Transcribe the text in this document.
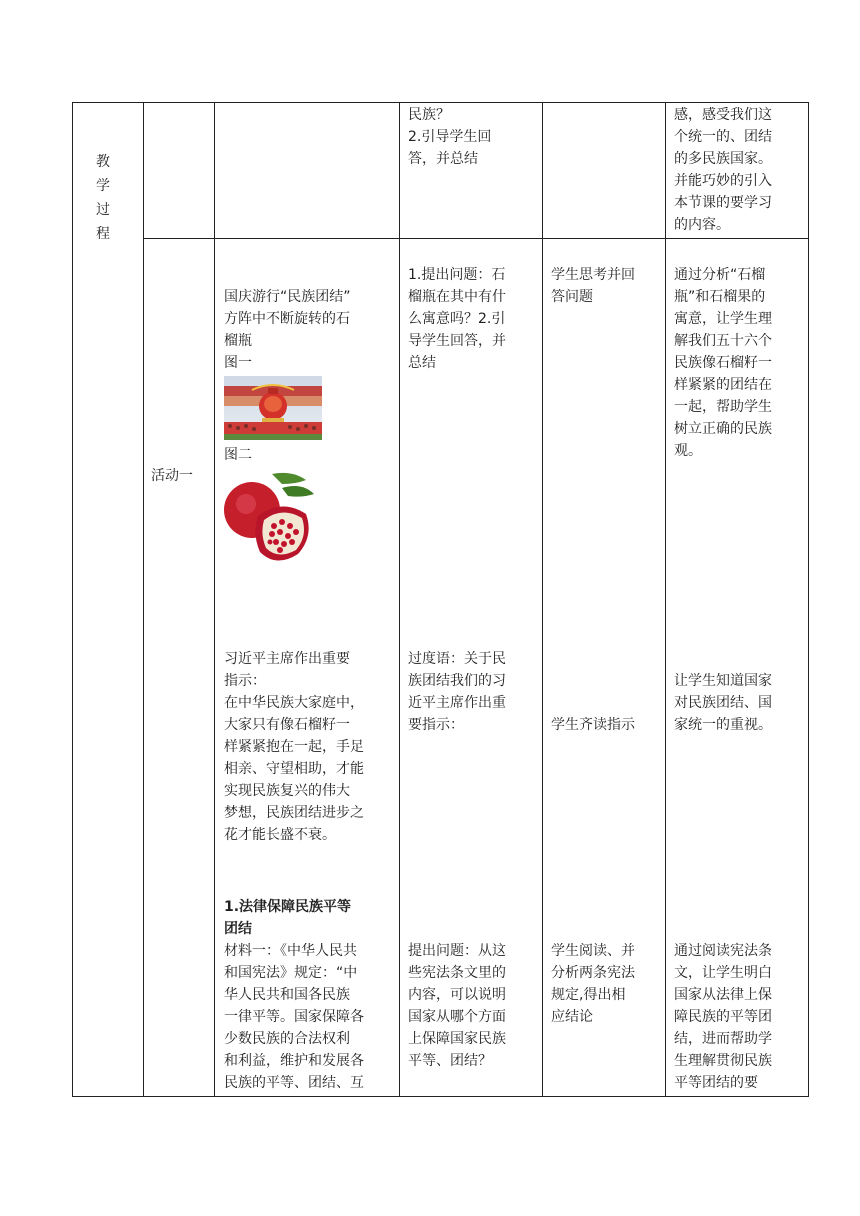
教
学
过
程
民族？
2.引导学生回
答，并总结
感，感受我们这
个统一的、团结
的多民族国家。
并能巧妙的引入
本节课的要学习
的内容。
活动一
国庆游行“民族团结”
方阵中不断旋转的石
榴瓶
图一
图二
1.提出问题：石
榴瓶在其中有什
么寓意吗？2.引
导学生回答，并
总结
学生思考并回
答问题
通过分析“石榴
瓶”和石榴果的
寓意，让学生理
解我们五十六个
民族像石榴籽一
样紧紧的团结在
一起，帮助学生
树立正确的民族
观。
习近平主席作出重要
指示：
在中华民族大家庭中，
大家只有像石榴籽一
样紧紧抱在一起，手足
相亲、守望相助，才能
实现民族复兴的伟大
梦想，民族团结进步之
花才能长盛不衰。
过度语：关于民
族团结我们的习
近平主席作出重
要指示：	学生齐读指示
让学生知道国家
对民族团结、国
家统一的重视。
1.法律保障民族平等
团结
材料一：《中华人民共
和国宪法》规定：“中
华人民共和国各民族
一律平等。国家保障各
少数民族的合法权利
和利益，维护和发展各
民族的平等、团结、互
提出问题：从这
些宪法条文里的
内容，可以说明
国家从哪个方面
上保障国家民族
平等、团结？
学生阅读、并
分析两条宪法
规定,得出相
应结论
通过阅读宪法条
文，让学生明白
国家从法律上保
障民族的平等团
结，进而帮助学
生理解贯彻民族
平等团结的要
